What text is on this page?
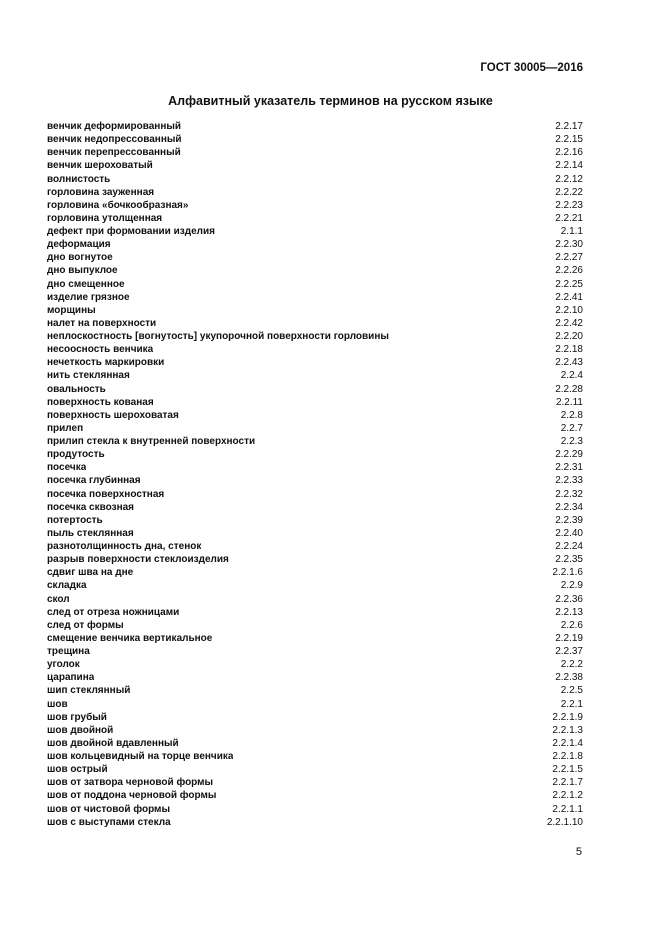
ГОСТ 30005—2016
Алфавитный указатель терминов на русском языке
венчик деформированный	2.2.17
венчик недопрессованный	2.2.15
венчик перепрессованный	2.2.16
венчик шероховатый	2.2.14
волнистость	2.2.12
горловина зауженная	2.2.22
горловина «бочкообразная»	2.2.23
горловина утолщенная	2.2.21
дефект при формовании изделия	2.1.1
деформация	2.2.30
дно вогнутое	2.2.27
дно выпуклое	2.2.26
дно смещенное	2.2.25
изделие грязное	2.2.41
морщины	2.2.10
налет на поверхности	2.2.42
неплоскостность [вогнутость] укупорочной поверхности горловины	2.2.20
несоосность венчика	2.2.18
нечеткость маркировки	2.2.43
нить стеклянная	2.2.4
овальность	2.2.28
поверхность кованая	2.2.11
поверхность шероховатая	2.2.8
прилеп	2.2.7
прилип стекла к внутренней поверхности	2.2.3
продутость	2.2.29
посечка	2.2.31
посечка глубинная	2.2.33
посечка поверхностная	2.2.32
посечка сквозная	2.2.34
потертость	2.2.39
пыль стеклянная	2.2.40
разнотолщинность дна, стенок	2.2.24
разрыв поверхности стеклоизделия	2.2.35
сдвиг шва на дне	2.2.1.6
складка	2.2.9
скол	2.2.36
след от отреза ножницами	2.2.13
след от формы	2.2.6
смещение венчика вертикальное	2.2.19
трещина	2.2.37
уголок	2.2.2
царапина	2.2.38
шип стеклянный	2.2.5
шов	2.2.1
шов грубый	2.2.1.9
шов двойной	2.2.1.3
шов двойной вдавленный	2.2.1.4
шов кольцевидный на торце венчика	2.2.1.8
шов острый	2.2.1.5
шов от затвора черновой формы	2.2.1.7
шов от поддона черновой формы	2.2.1.2
шов от чистовой формы	2.2.1.1
шов с выступами стекла	2.2.1.10
5
